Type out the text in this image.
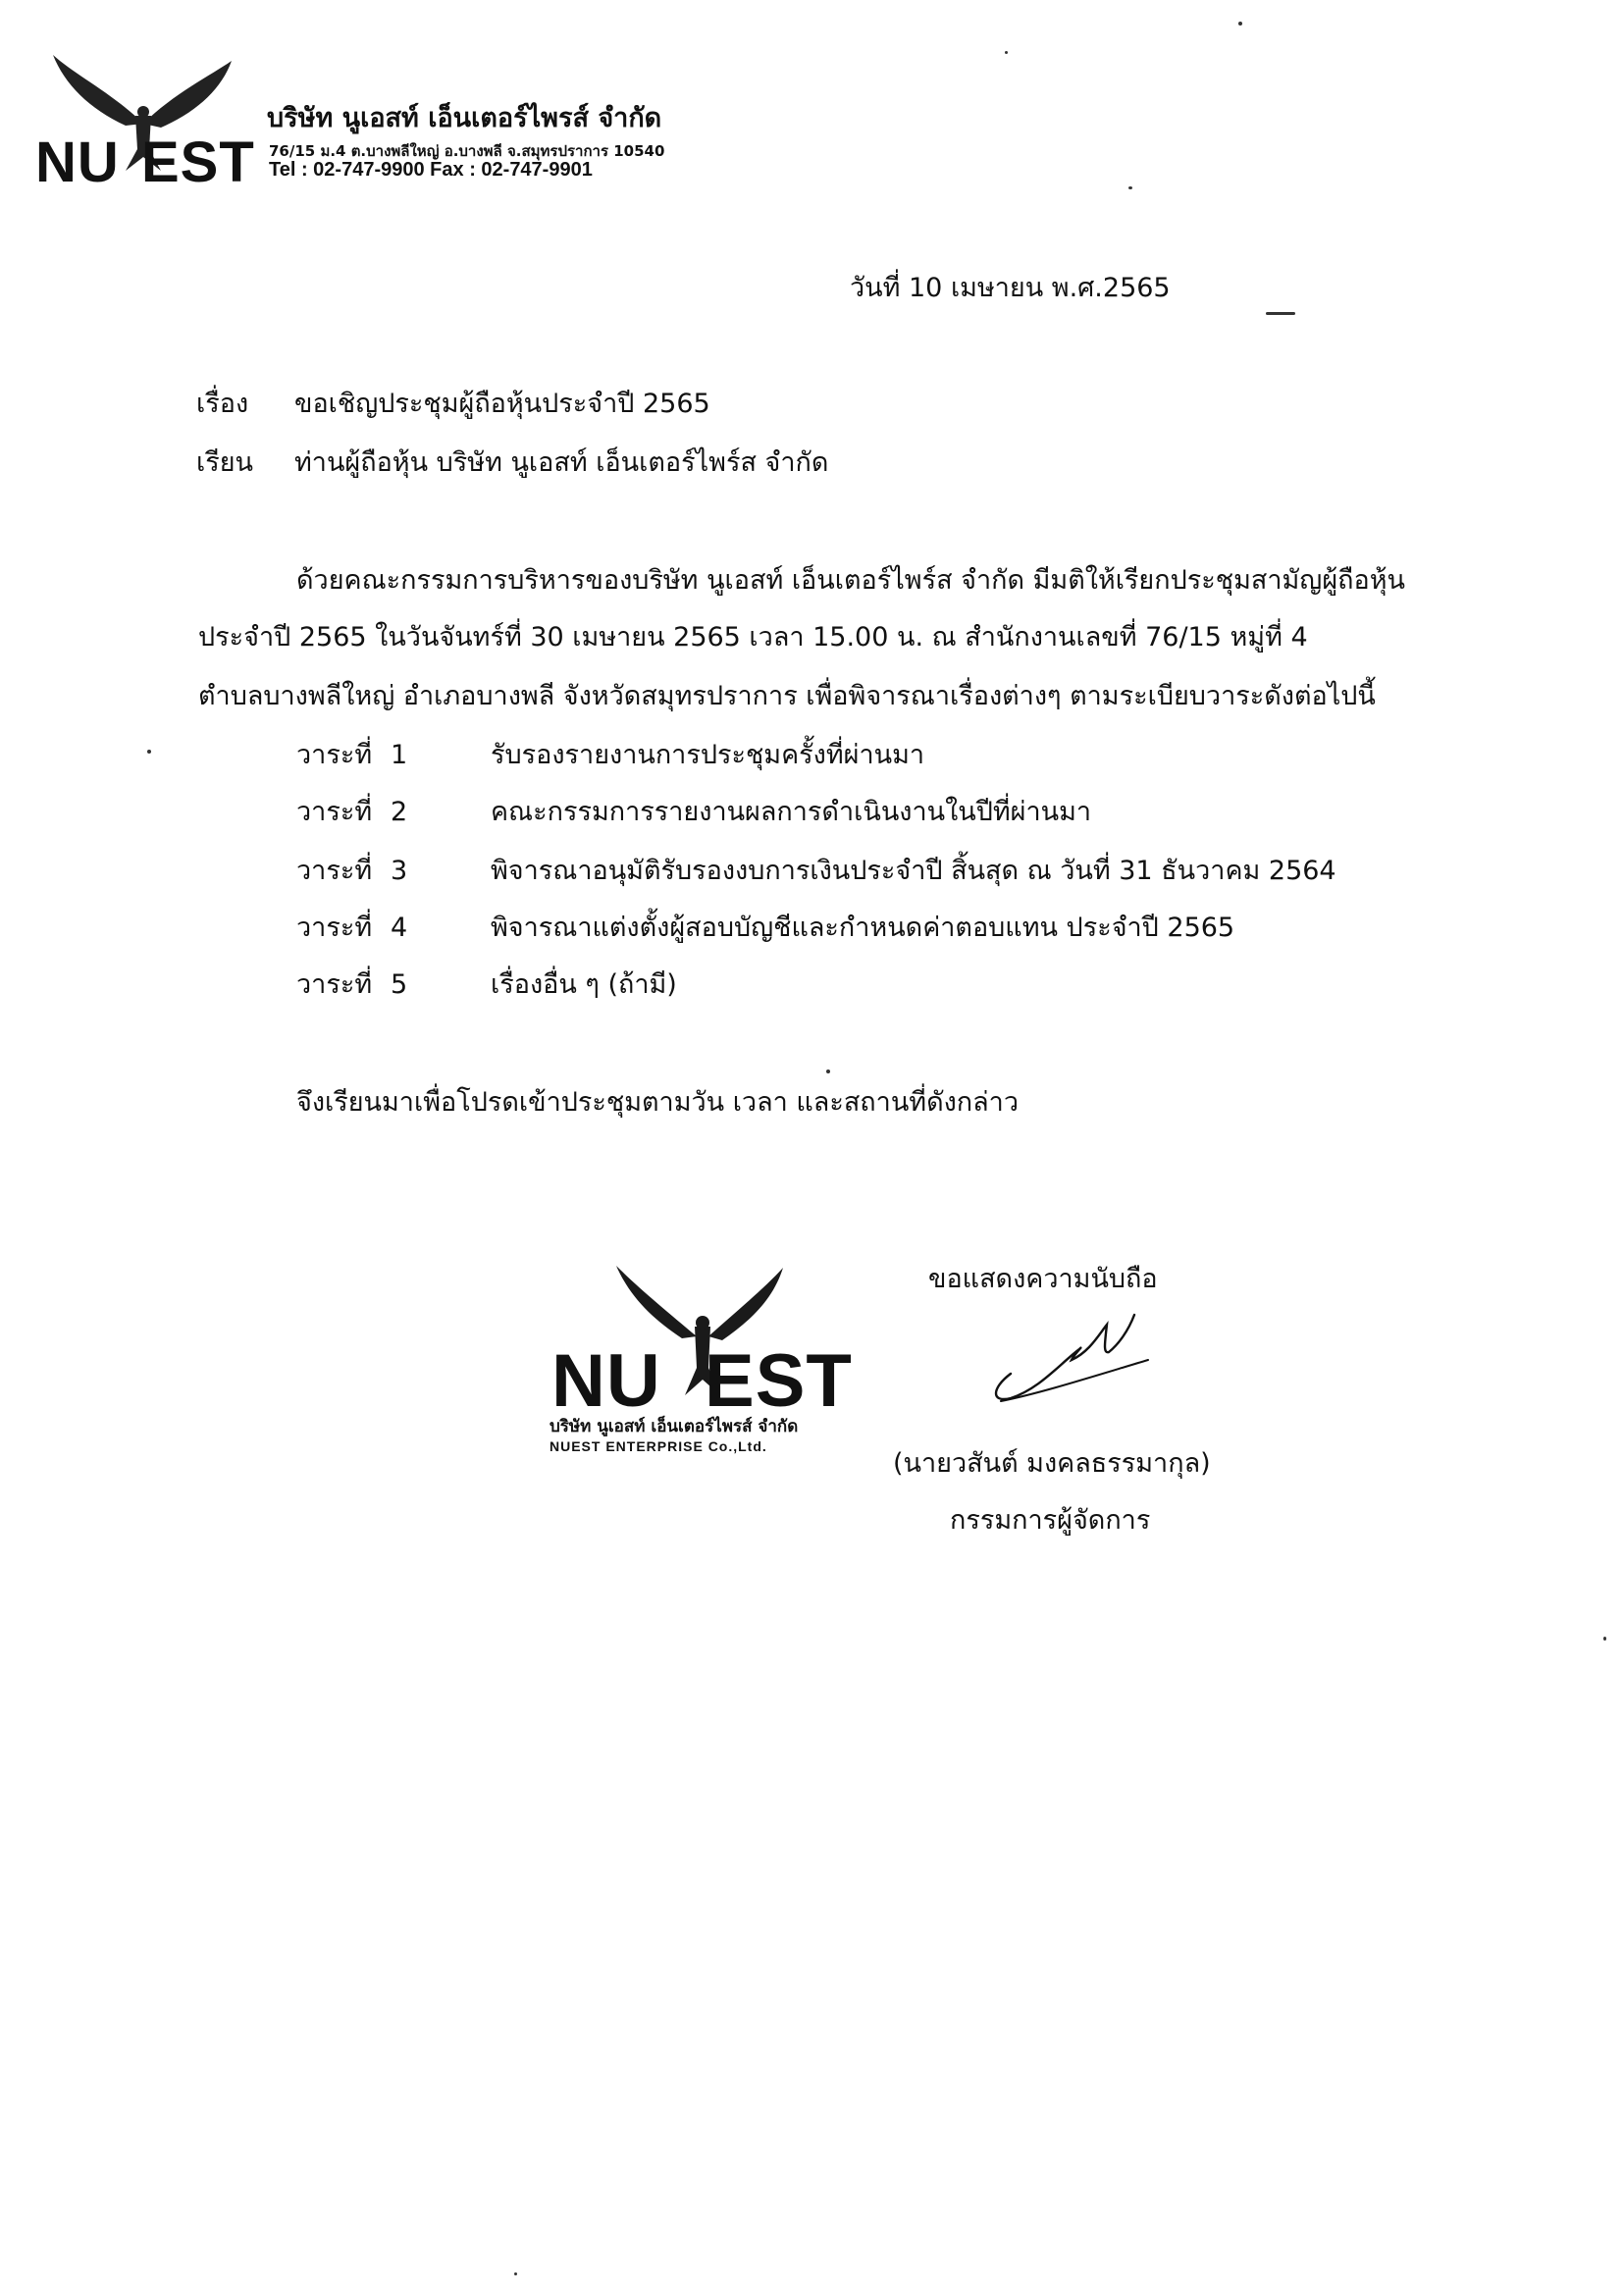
NU EST
บริษัท นูเอสท์ เอ็นเตอร์ไพรส์ จำกัด
76/15 ม.4 ต.บางพลีใหญ่ อ.บางพลี จ.สมุทรปราการ 10540
Tel : 02-747-9900 Fax : 02-747-9901
วันที่ 10 เมษายน พ.ศ.2565
เรื่อง ขอเชิญประชุมผู้ถือหุ้นประจำปี 2565
เรียน ท่านผู้ถือหุ้น บริษัท นูเอสท์ เอ็นเตอร์ไพร์ส จำกัด
ด้วยคณะกรรมการบริหารของบริษัท นูเอสท์ เอ็นเตอร์ไพร์ส จำกัด มีมติให้เรียกประชุมสามัญผู้ถือหุ้น
ประจำปี 2565 ในวันจันทร์ที่ 30 เมษายน 2565 เวลา 15.00 น. ณ สำนักงานเลขที่ 76/15 หมู่ที่ 4
ตำบลบางพลีใหญ่ อำเภอบางพลี จังหวัดสมุทรปราการ เพื่อพิจารณาเรื่องต่างๆ ตามระเบียบวาระดังต่อไปนี้
วาระที่ 1	รับรองรายงานการประชุมครั้งที่ผ่านมา
วาระที่ 2	คณะกรรมการรายงานผลการดำเนินงานในปีที่ผ่านมา
วาระที่ 3	พิจารณาอนุมัติรับรองงบการเงินประจำปี สิ้นสุด ณ วันที่ 31 ธันวาคม 2564
วาระที่ 4	พิจารณาแต่งตั้งผู้สอบบัญชีและกำหนดค่าตอบแทน ประจำปี 2565
วาระที่ 5	เรื่องอื่น ๆ (ถ้ามี)
จึงเรียนมาเพื่อโปรดเข้าประชุมตามวัน เวลา และสถานที่ดังกล่าว
NU EST
บริษัท นูเอสท์ เอ็นเตอร์ไพรส์ จำกัด
NUEST ENTERPRISE Co.,Ltd.
ขอแสดงความนับถือ
(นายวสันต์ มงคลธรรมากุล)
กรรมการผู้จัดการ
